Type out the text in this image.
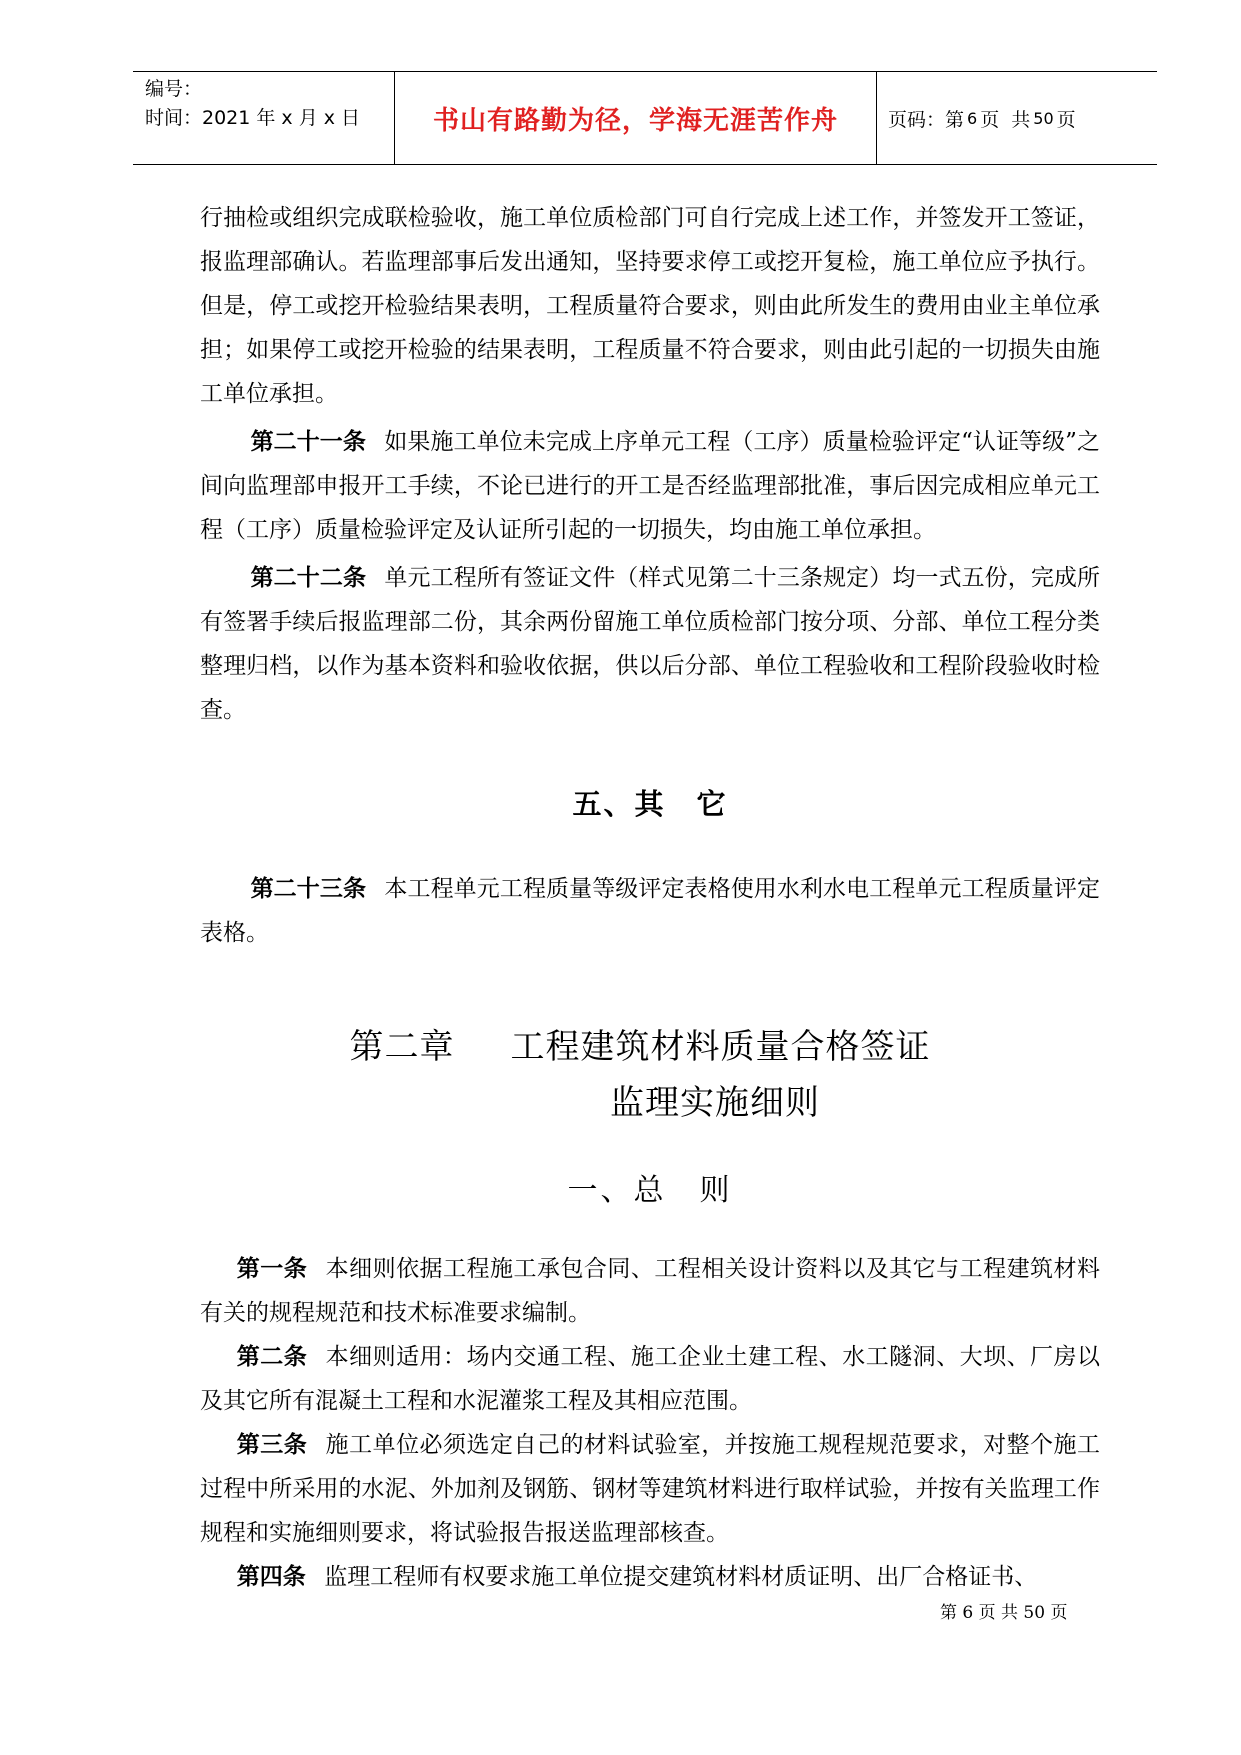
编号：
时间：2021 年 x 月 x 日	书山有路勤为径，学海无涯苦作舟	页码：第 6 页  共 50 页

行抽检或组织完成联检验收，施工单位质检部门可自行完成上述工作，并签发开工签证，报监理部确认。若监理部事后发出通知，坚持要求停工或挖开复检，施工单位应予执行。但是，停工或挖开检验结果表明，工程质量符合要求，则由此所发生的费用由业主单位承担；如果停工或挖开检验的结果表明，工程质量不符合要求，则由此引起的一切损失由施工单位承担。

第二十一条 如果施工单位未完成上序单元工程（工序）质量检验评定“认证等级”之间向监理部申报开工手续，不论已进行的开工是否经监理部批准，事后因完成相应单元工程（工序）质量检验评定及认证所引起的一切损失，均由施工单位承担。

第二十二条 单元工程所有签证文件（样式见第二十三条规定）均一式五份，完成所有签署手续后报监理部二份，其余两份留施工单位质检部门按分项、分部、单位工程分类整理归档，以作为基本资料和验收依据，供以后分部、单位工程验收和工程阶段验收时检查。

五、其　它

第二十三条 本工程单元工程质量等级评定表格使用水利水电工程单元工程质量评定表格。

第二章 工程建筑材料质量合格签证
监理实施细则
一、总　则

第一条 本细则依据工程施工承包合同、工程相关设计资料以及其它与工程建筑材料有关的规程规范和技术标准要求编制。

第二条 本细则适用：场内交通工程、施工企业土建工程、水工隧洞、大坝、厂房以及其它所有混凝土工程和水泥灌浆工程及其相应范围。

第三条 施工单位必须选定自己的材料试验室，并按施工规程规范要求，对整个施工过程中所采用的水泥、外加剂及钢筋、钢材等建筑材料进行取样试验，并按有关监理工作规程和实施细则要求，将试验报告报送监理部核查。

第四条 监理工程师有权要求施工单位提交建筑材料材质证明、出厂合格证书、

第 6 页 共 50 页
